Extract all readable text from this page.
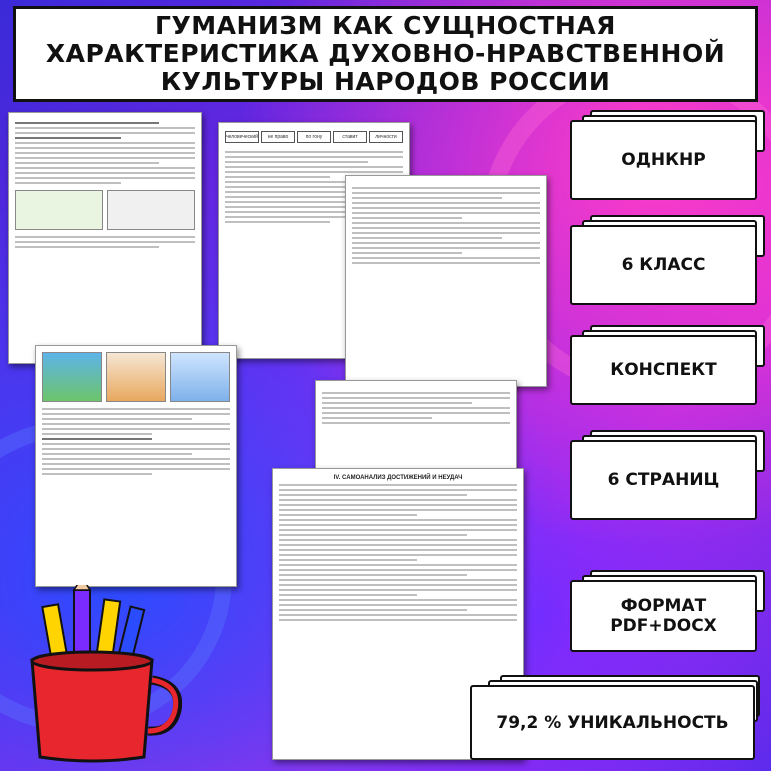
ГУМАНИЗМ КАК СУЩНОСТНАЯ
ХАРАКТЕРИСТИКА ДУХОВНО-НРАВСТВЕННОЙ
КУЛЬТУРЫ НАРОДОВ РОССИИ
человеческий	не право	по гону	ставит	личности
IV. САМОАНАЛИЗ ДОСТИЖЕНИЙ И НЕУДАЧ
ОДНКНР
6 КЛАСС
КОНСПЕКТ
6 СТРАНИЦ
ФОРМАТ PDF+DOCX
79,2 % УНИКАЛЬНОСТЬ
